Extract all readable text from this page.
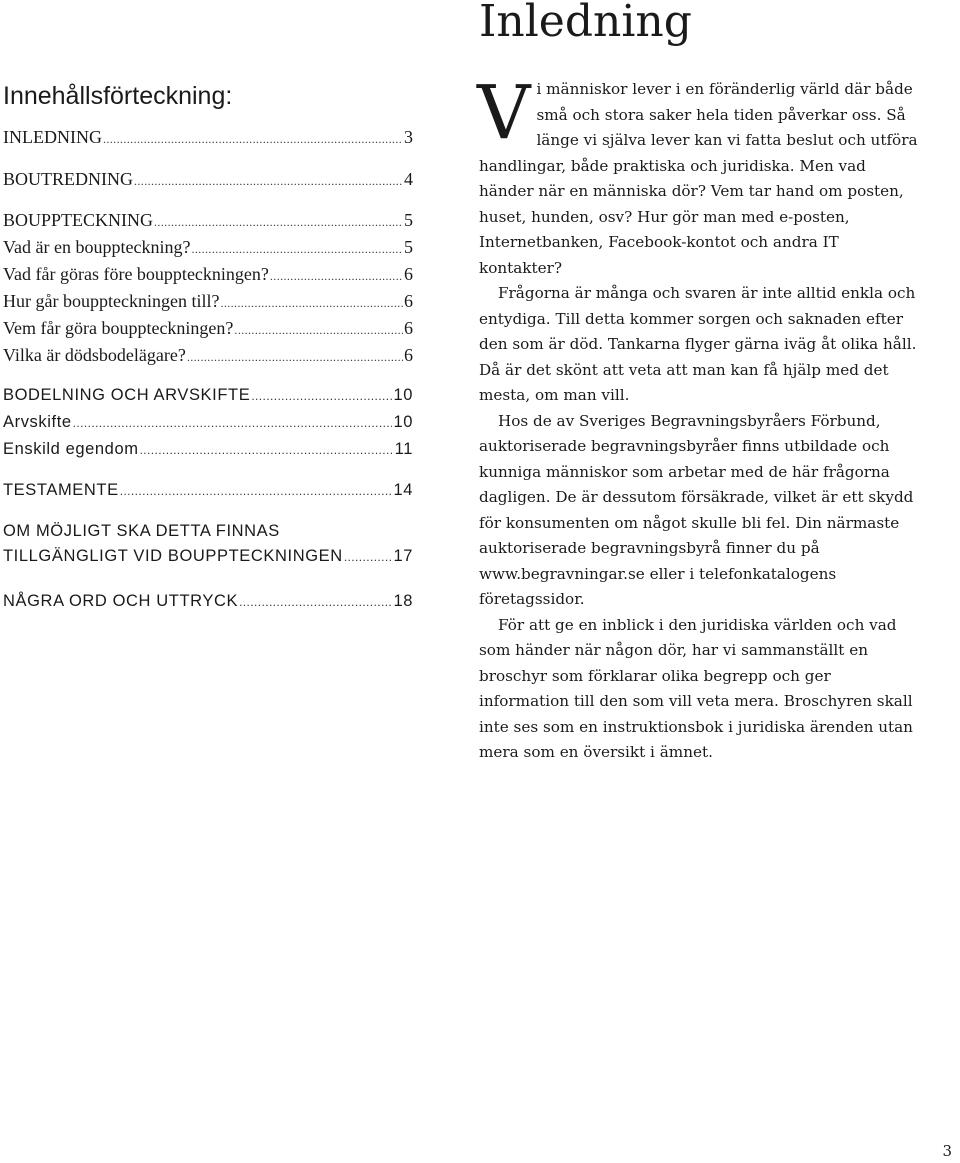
Inledning
Innehållsförteckning:
INLEDNING .....	3
BOUTREDNING .....	4
BOUPPTECKNING .....	5
Vad är en bouppteckning? .....	5
Vad får göras före bouppteckningen? .....	6
Hur går bouppteckningen till? .....	6
Vem får göra bouppteckningen? .....	6
Vilka är dödsbodelägare? .....	6
BODELNING OCH ARVSKIFTE .....	10
Arvskifte .....	10
Enskild egendom .....	11
TESTAMENTE .....	14
OM MÖJLIGT SKA DETTA FINNAS
TILLGÄNGLIGT VID BOUPPTECKNINGEN .....	17
NÅGRA ORD OCH UTTRYCK .....	18

Vi människor lever i en föränderlig värld där både små och stora saker hela tiden påverkar oss. Så länge vi själva lever kan vi fatta beslut och utföra handlingar, både praktiska och juridiska. Men vad händer när en människa dör? Vem tar hand om posten, huset, hunden, osv? Hur gör man med e-posten, Internetbanken, Facebook-kontot och andra IT kontakter?

Frågorna är många och svaren är inte alltid enkla och entydiga. Till detta kommer sorgen och saknaden efter den som är död. Tankarna flyger gärna iväg åt olika håll. Då är det skönt att veta att man kan få hjälp med det mesta, om man vill.

Hos de av Sveriges Begravningsbyråers Förbund, auktoriserade begravningsbyråer finns utbildade och kunniga människor som arbetar med de här frågorna dagligen. De är dessutom försäkrade, vilket är ett skydd för konsumenten om något skulle bli fel. Din närmaste auktoriserade begravningsbyrå finner du på www.begravningar.se eller i telefonkatalogens företagssidor.

För att ge en inblick i den juridiska världen och vad som händer när någon dör, har vi sammanställt en broschyr som förklarar olika begrepp och ger information till den som vill veta mera. Broschyren skall inte ses som en instruktionsbok i juridiska ärenden utan mera som en översikt i ämnet.

3
